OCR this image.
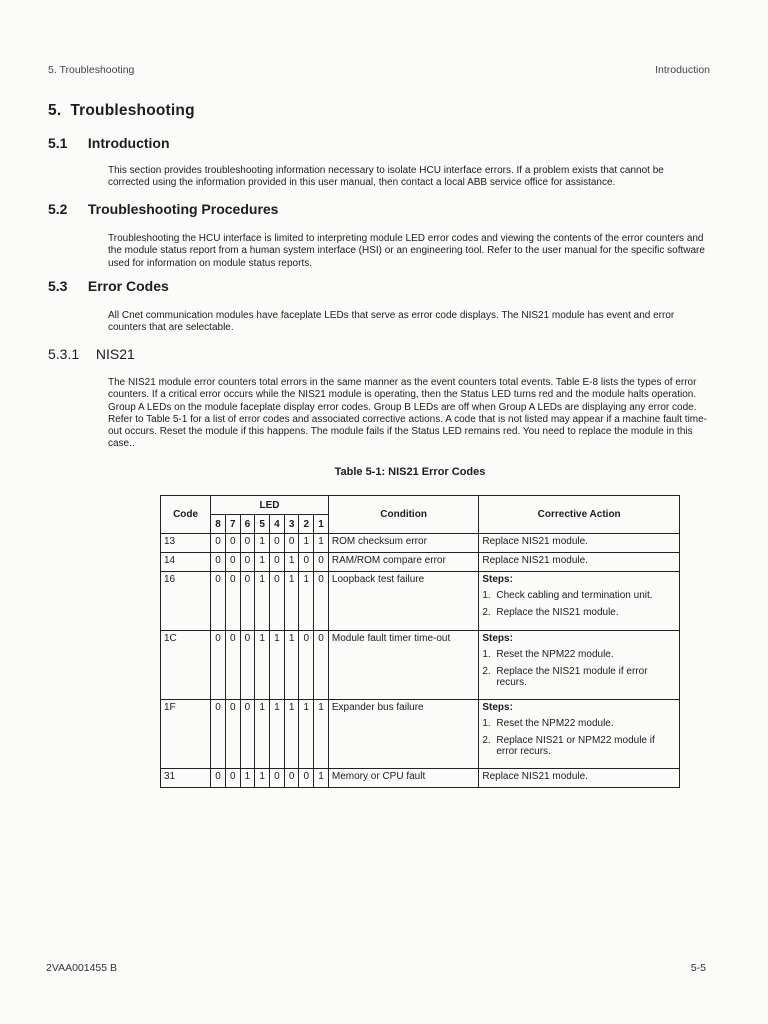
5. Troubleshooting	Introduction
5. Troubleshooting
5.1 Introduction
This section provides troubleshooting information necessary to isolate HCU interface errors. If a problem exists that cannot be corrected using the information provided in this user manual, then contact a local ABB service office for assistance.
5.2 Troubleshooting Procedures
Troubleshooting the HCU interface is limited to interpreting module LED error codes and viewing the contents of the error counters and the module status report from a human system interface (HSI) or an engineering tool. Refer to the user manual for the specific software used for information on module status reports.
5.3 Error Codes
All Cnet communication modules have faceplate LEDs that serve as error code displays. The NIS21 module has event and error counters that are selectable.
5.3.1 NIS21
The NIS21 module error counters total errors in the same manner as the event counters total events. Table E-8 lists the types of error counters. If a critical error occurs while the NIS21 module is operating, then the Status LED turns red and the module halts operation. Group A LEDs on the module faceplate display error codes. Group B LEDs are off when Group A LEDs are displaying any error code. Refer to Table 5-1 for a list of error codes and associated corrective actions. A code that is not listed may appear if a machine fault time-out occurs. Reset the module if this happens. The module fails if the Status LED remains red. You need to replace the module in this case..
Table 5-1: NIS21 Error Codes
Code	LED								Condition	Corrective Action
	8	7	6	5	4	3	2	1		
13	0	0	0	1	0	0	1	1	ROM checksum error	Replace NIS21 module.
14	0	0	0	1	0	1	0	0	RAM/ROM compare error	Replace NIS21 module.
16	0	0	0	1	0	1	1	0	Loopback test failure	Steps:
1. Check cabling and termination unit.
2. Replace the NIS21 module.

1C	0	0	0	1	1	1	0	0	Module fault timer time-out	Steps:
1. Reset the NPM22 module.
2. Replace the NIS21 module if error recurs.

1F	0	0	0	1	1	1	1	1	Expander bus failure	Steps:
1. Reset the NPM22 module.
2. Replace NIS21 or NPM22 module if error recurs.

31	0	0	1	1	0	0	0	1	Memory or CPU fault	Replace NIS21 module.
2VAA001455 B	5-5
